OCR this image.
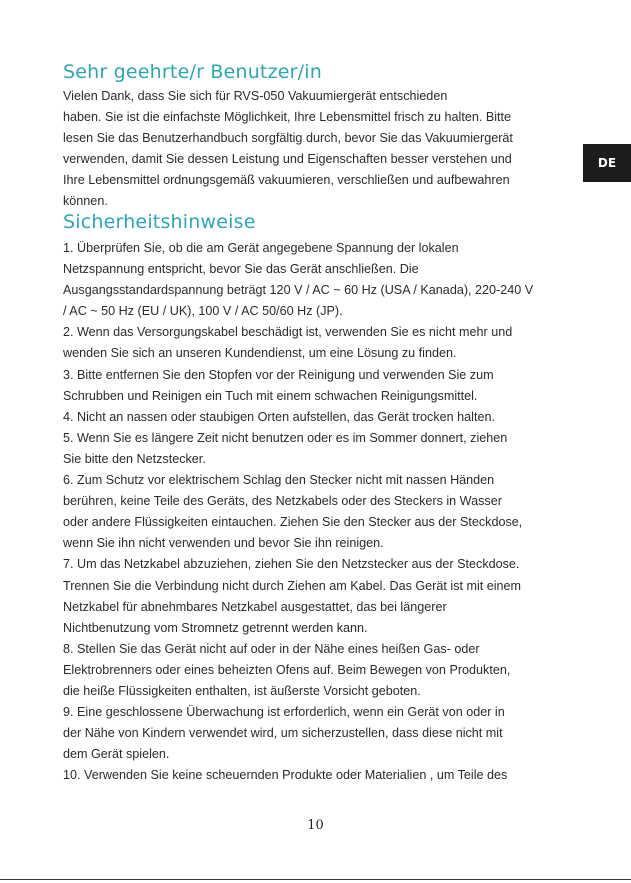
Sehr geehrte/r Benutzer/in

Vielen Dank, dass Sie sich für RVS-050 Vakuumiergerät entschieden

haben. Sie ist die einfachste Möglichkeit, Ihre Lebensmittel frisch zu halten. Bitte

lesen Sie das Benutzerhandbuch sorgfältig durch, bevor Sie das Vakuumiergerät

verwenden, damit Sie dessen Leistung und Eigenschaften besser verstehen und

Ihre Lebensmittel ordnungsgemäß vakuumieren, verschließen und aufbewahren

können.

Sicherheitshinweise

1. Überprüfen Sie, ob die am Gerät angegebene Spannung der lokalen

Netzspannung entspricht, bevor Sie das Gerät anschließen. Die

Ausgangsstandardspannung beträgt 120 V / AC ~ 60 Hz (USA / Kanada), 220-240 V

/ AC ~ 50 Hz (EU / UK), 100 V / AC 50/60 Hz (JP).

2. Wenn das Versorgungskabel beschädigt ist, verwenden Sie es nicht mehr und

wenden Sie sich an unseren Kundendienst, um eine Lösung zu finden.

3. Bitte entfernen Sie den Stopfen vor der Reinigung und verwenden Sie zum

Schrubben und Reinigen ein Tuch mit einem schwachen Reinigungsmittel.

4. Nicht an nassen oder staubigen Orten aufstellen, das Gerät trocken halten.

5. Wenn Sie es längere Zeit nicht benutzen oder es im Sommer donnert, ziehen

Sie bitte den Netzstecker.

6. Zum Schutz vor elektrischem Schlag den Stecker nicht mit nassen Händen

berühren, keine Teile des Geräts, des Netzkabels oder des Steckers in Wasser

oder andere Flüssigkeiten eintauchen. Ziehen Sie den Stecker aus der Steckdose,

wenn Sie ihn nicht verwenden und bevor Sie ihn reinigen.

7. Um das Netzkabel abzuziehen, ziehen Sie den Netzstecker aus der Steckdose.

Trennen Sie die Verbindung nicht durch Ziehen am Kabel. Das Gerät ist mit einem

Netzkabel für abnehmbares Netzkabel ausgestattet, das bei längerer

Nichtbenutzung vom Stromnetz getrennt werden kann.

8. Stellen Sie das Gerät nicht auf oder in der Nähe eines heißen Gas- oder

Elektrobrenners oder eines beheizten Ofens auf. Beim Bewegen von Produkten,

die heiße Flüssigkeiten enthalten, ist äußerste Vorsicht geboten.

9. Eine geschlossene Überwachung ist erforderlich, wenn ein Gerät von oder in

der Nähe von Kindern verwendet wird, um sicherzustellen, dass diese nicht mit

dem Gerät spielen.

10. Verwenden Sie keine scheuernden Produkte oder Materialien , um Teile des

DE
10
